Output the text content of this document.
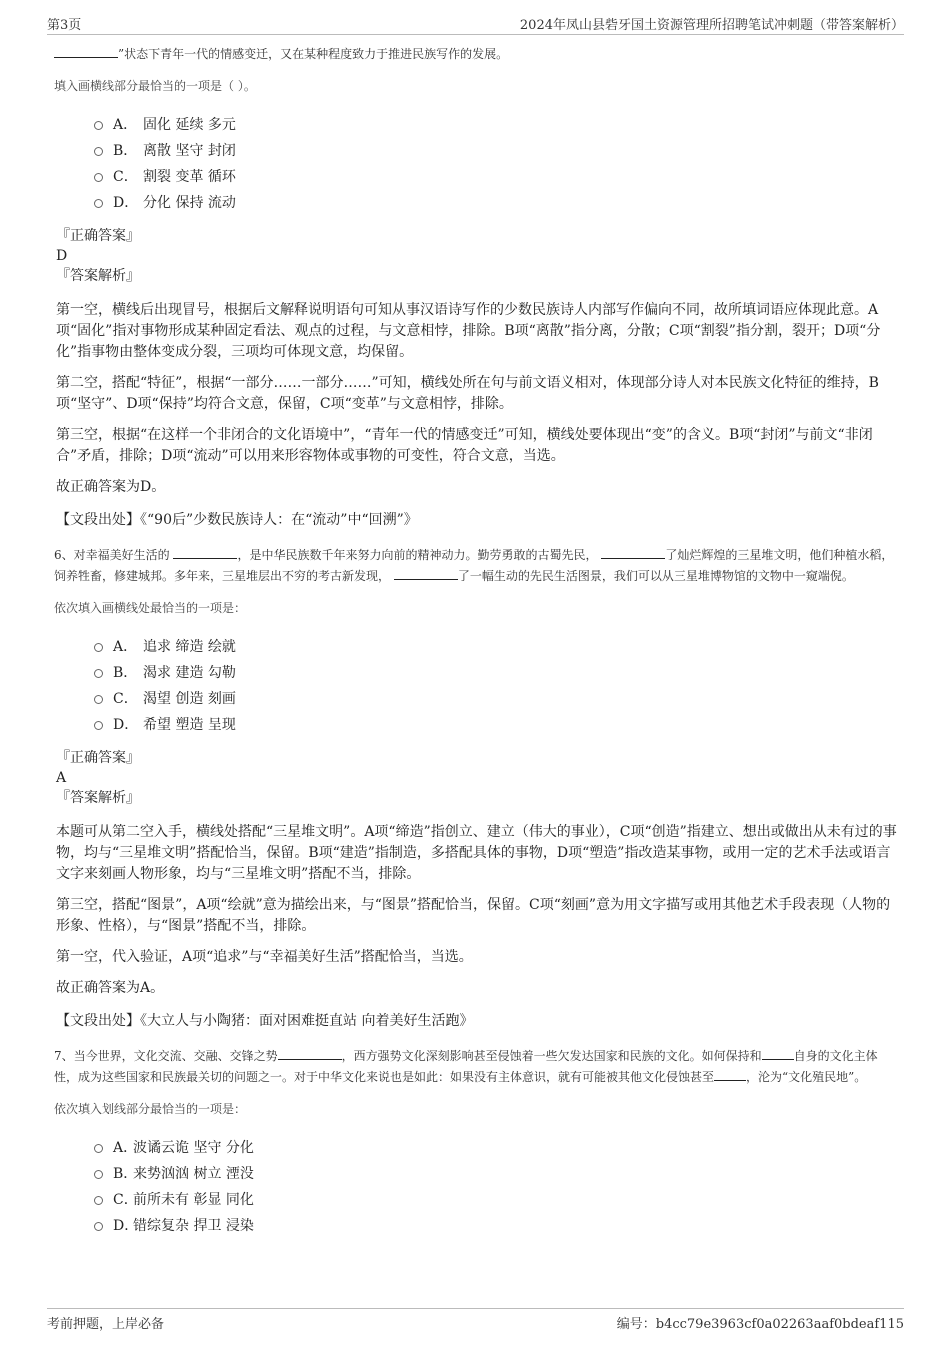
第3页	2024年凤山县砦牙国土资源管理所招聘笔试冲刺题（带答案解析）

”状态下青年一代的情感变迁，又在某种程度致力于推进民族写作的发展。

填入画横线部分最恰当的一项是（ ）。

A． 固化 延续 多元
B． 离散 坚守 封闭
C． 割裂 变革 循环
D． 分化 保持 流动
『正确答案』
D
『答案解析』

第一空，横线后出现冒号，根据后文解释说明语句可知从事汉语诗写作的少数民族诗人内部写作偏向不同，故所填词语应体现此意。A项“固化”指对事物形成某种固定看法、观点的过程，与文意相悖，排除。B项“离散”指分离，分散；C项“割裂”指分割，裂开；D项“分化”指事物由整体变成分裂，三项均可体现文意，均保留。

第二空，搭配“特征”，根据“一部分……一部分……”可知，横线处所在句与前文语义相对，体现部分诗人对本民族文化特征的维持，B项“坚守”、D项“保持”均符合文意，保留，C项“变革”与文意相悖，排除。

第三空，根据“在这样一个非闭合的文化语境中”，“青年一代的情感变迁”可知，横线处要体现出“变”的含义。B项“封闭”与前文“非闭合”矛盾，排除；D项“流动”可以用来形容物体或事物的可变性，符合文意，当选。

故正确答案为D。

【文段出处】《“90后”少数民族诗人：在“流动”中“回溯”》

6、对幸福美好生活的	，是中华民族数千年来努力向前的精神动力。勤劳勇敢的古蜀先民，	了灿烂辉煌的三星堆文明，他们种植水稻，饲养牲畜，修建城邦。多年来，三星堆层出不穷的考古新发现，	了一幅生动的先民生活图景，我们可以从三星堆博物馆的文物中一窥端倪。

依次填入画横线处最恰当的一项是：

A． 追求 缔造 绘就
B． 渴求 建造 勾勒
C． 渴望 创造 刻画
D． 希望 塑造 呈现
『正确答案』
A
『答案解析』

本题可从第二空入手，横线处搭配“三星堆文明”。A项“缔造”指创立、建立（伟大的事业），C项“创造”指建立、想出或做出从未有过的事物，均与“三星堆文明”搭配恰当，保留。B项“建造”指制造，多搭配具体的事物，D项“塑造”指改造某事物，或用一定的艺术手法或语言文字来刻画人物形象，均与“三星堆文明”搭配不当，排除。

第三空，搭配“图景”，A项“绘就”意为描绘出来，与“图景”搭配恰当，保留。C项“刻画”意为用文字描写或用其他艺术手段表现（人物的形象、性格），与“图景”搭配不当，排除。

第一空，代入验证，A项“追求”与“幸福美好生活”搭配恰当，当选。

故正确答案为A。

【文段出处】《大立人与小陶猪：面对困难挺直站 向着美好生活跑》

7、当今世界，文化交流、交融、交锋之势	，西方强势文化深刻影响甚至侵蚀着一些欠发达国家和民族的文化。如何保持和	自身的文化主体性，成为这些国家和民族最关切的问题之一。对于中华文化来说也是如此：如果没有主体意识，就有可能被其他文化侵蚀甚至	，沦为“文化殖民地”。

依次填入划线部分最恰当的一项是：

A．
波谲云诡 坚守 分化
B．
来势汹汹 树立 湮没
C．
前所未有 彰显 同化
D．
错综复杂 捍卫 浸染
考前押题，上岸必备	编号：b4cc79e3963cf0a02263aaf0bdeaf115
